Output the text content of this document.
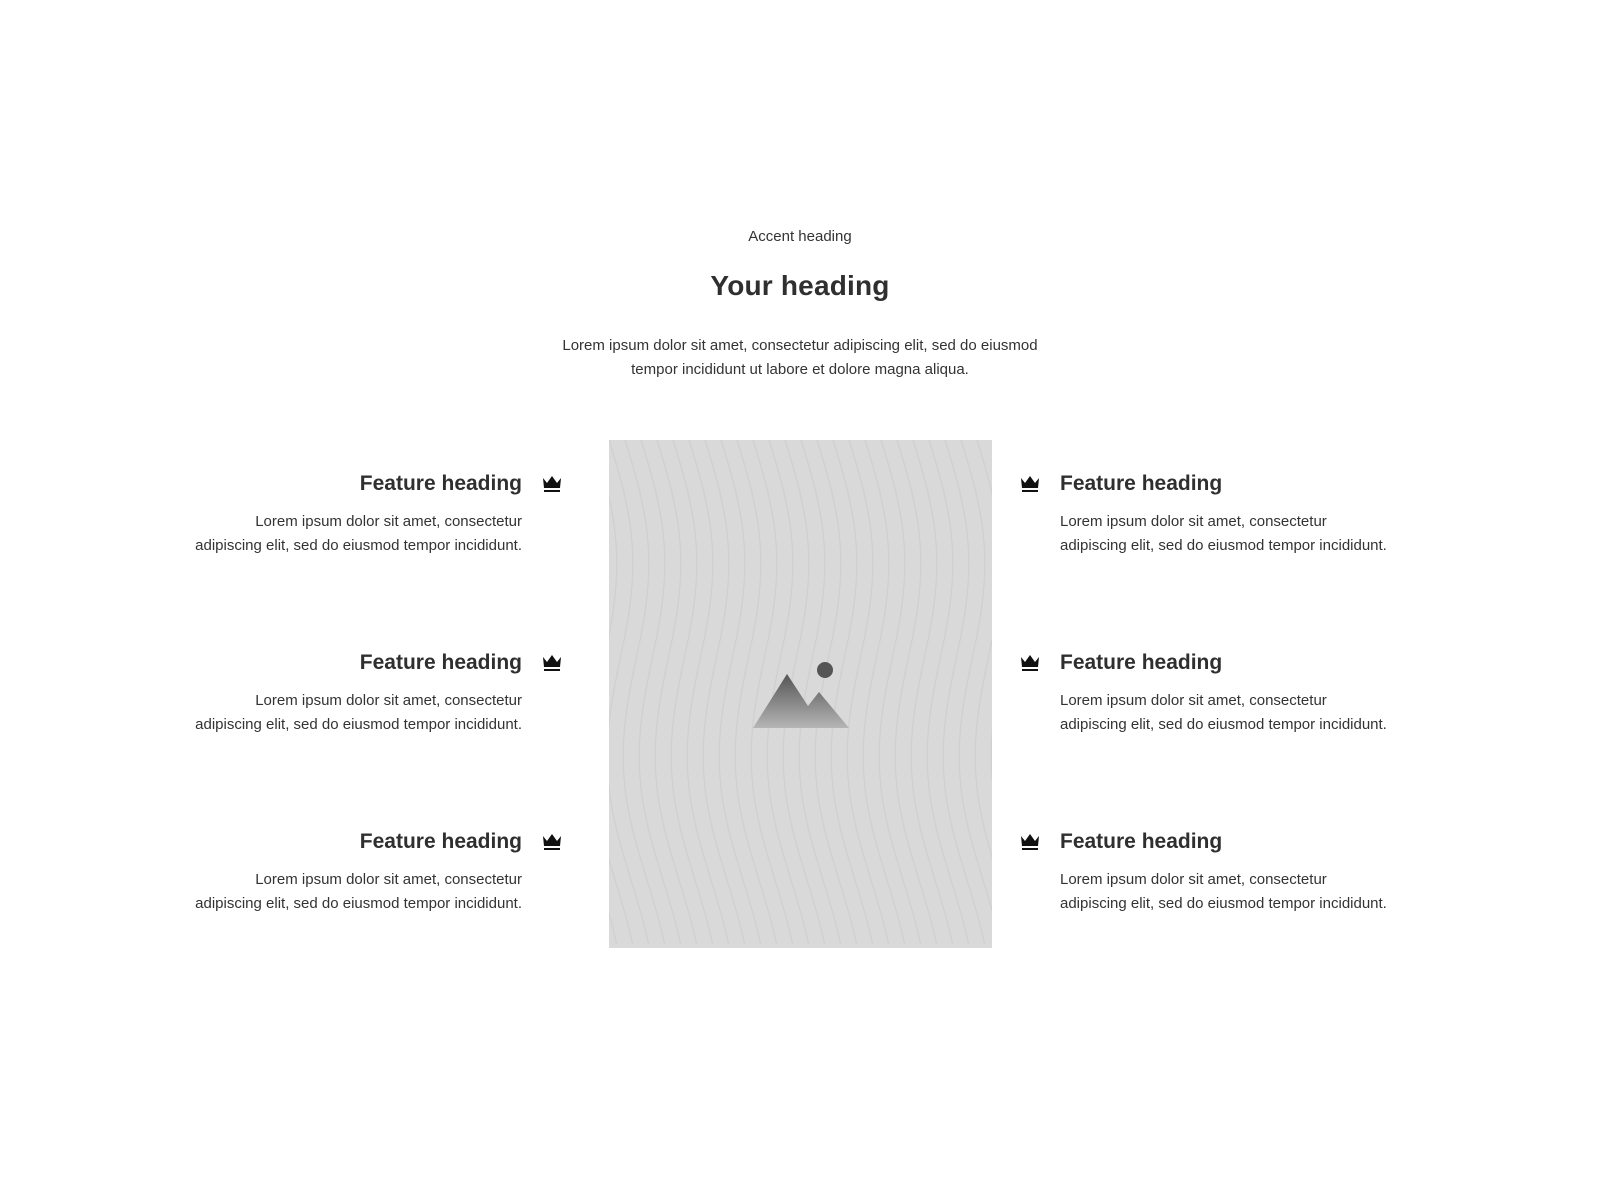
Accent heading
Your heading
Lorem ipsum dolor sit amet, consectetur adipiscing elit, sed do eiusmod
tempor incididunt ut labore et dolore magna aliqua.
Feature heading
Lorem ipsum dolor sit amet, consectetur
adipiscing elit, sed do eiusmod tempor incididunt.
Feature heading
Lorem ipsum dolor sit amet, consectetur
adipiscing elit, sed do eiusmod tempor incididunt.
Feature heading
Lorem ipsum dolor sit amet, consectetur
adipiscing elit, sed do eiusmod tempor incididunt.
Feature heading
Lorem ipsum dolor sit amet, consectetur
adipiscing elit, sed do eiusmod tempor incididunt.
Feature heading
Lorem ipsum dolor sit amet, consectetur
adipiscing elit, sed do eiusmod tempor incididunt.
Feature heading
Lorem ipsum dolor sit amet, consectetur
adipiscing elit, sed do eiusmod tempor incididunt.
